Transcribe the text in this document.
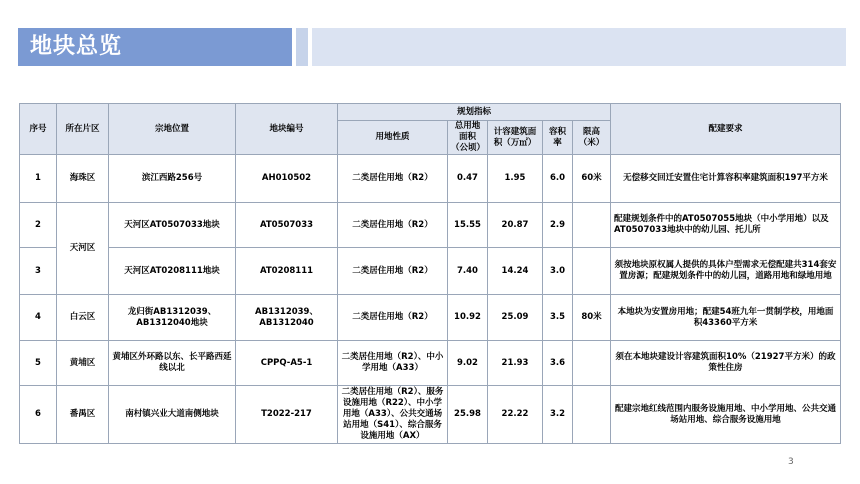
地块总览
序号	所在片区	宗地位置	地块编号	规划指标					配建要求
				用地性质	总用地面积（公顷）	计容建筑面积（万㎡）	容积率	限高（米）	
1	海珠区	滨江西路256号	AH010502	二类居住用地（R2）	0.47	1.95	6.0	60米	无偿移交回迁安置住宅计算容积率建筑面积197平方米
2	天河区	天河区AT0507033地块	AT0507033	二类居住用地（R2）	15.55	20.87	2.9		配建规划条件中的AT0507055地块（中小学用地）以及AT0507033地块中的幼儿园、托儿所
3		天河区AT0208111地块	AT0208111	二类居住用地（R2）	7.40	14.24	3.0		须按地块原权属人提供的具体户型需求无偿配建共314套安置房源；配建规划条件中的幼儿园，道路用地和绿地用地
4	白云区	龙归街AB1312039、AB1312040地块	AB1312039、AB1312040	二类居住用地（R2）	10.92	25.09	3.5	80米	本地块为安置房用地；配建54班九年一贯制学校，用地面积43360平方米
5	黄埔区	黄埔区外环路以东、长平路西延线以北	CPPQ-A5-1	二类居住用地（R2）、中小学用地（A33）	9.02	21.93	3.6		须在本地块建设计容建筑面积10%（21927平方米）的政策性住房
6	番禺区	南村镇兴业大道南侧地块	T2022-217	二类居住用地（R2）、服务设施用地（R22）、中小学用地（A33）、公共交通场站用地（S41）、综合服务设施用地（AX）	25.98	22.22	3.2		配建宗地红线范围内服务设施用地、中小学用地、公共交通场站用地、综合服务设施用地
3
